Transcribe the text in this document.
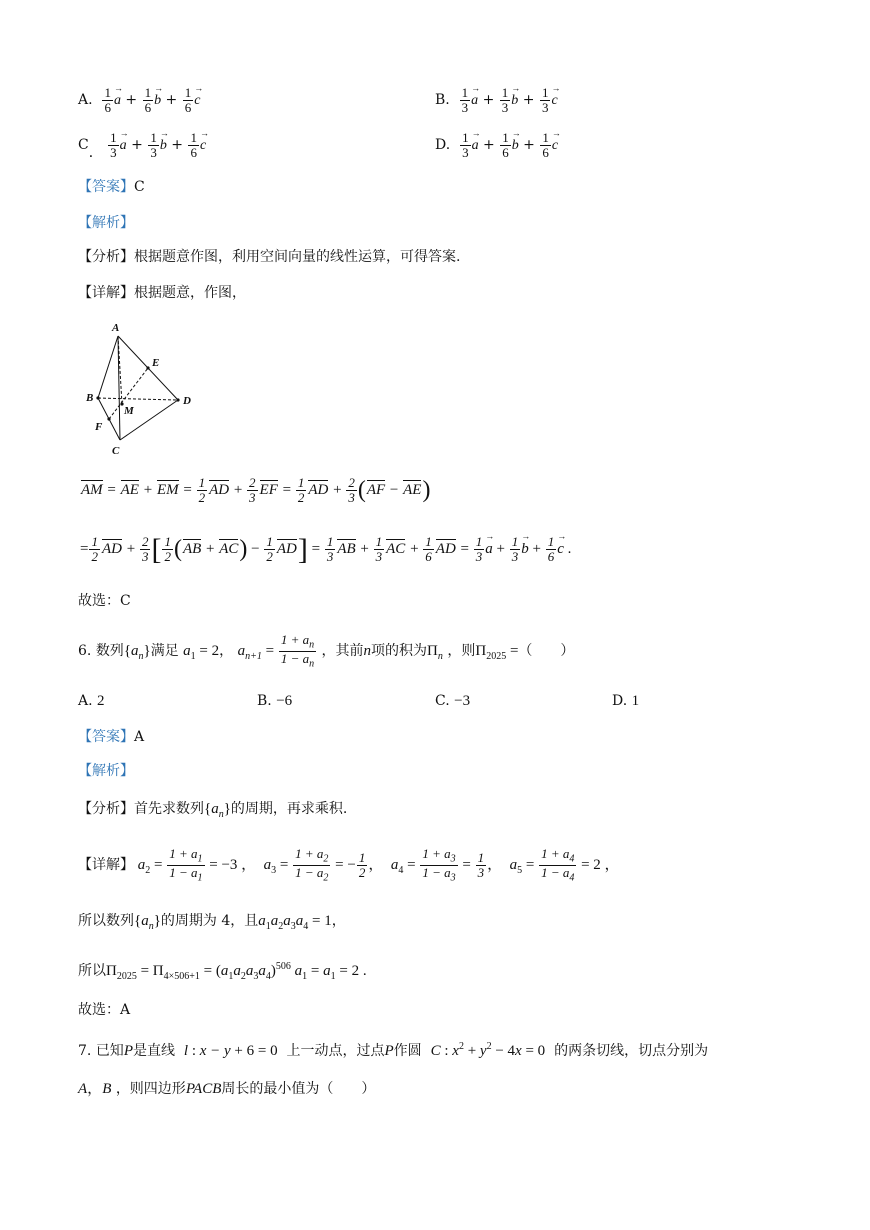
A. $\frac{1}{6}$
→ $a + \frac{1}{6}$
→ $b + \frac{1}{6}$
→ c	B. $\frac{1}{3}$
→ $a + \frac{1}{3}$
→ $b + \frac{1}{3}$
→ c
C． $\frac{1}{3}$
→ $a + \frac{1}{3}$
→ $b + \frac{1}{6}$
→ c	D. $\frac{1}{3}$
→ $a + \frac{1}{6}$
→ $b + \frac{1}{6}$
→ c
【答案】C
【解析】
【分析】根据题意作图，利用空间向量的线性运算，可得答案.
【详解】根据题意，作图，
A
B
C
D
E
F
M
AM = AE + EM = $\frac{1}{2}$ AD + $\frac{2}{3}$ EF = $\frac{1}{2}$ AD + $\frac{2}{3} (AF - AE)$
= $\frac{1}{2}$ AD + $\frac{2}{3}$ [ $\frac{1}{2} (AB + AC) - \frac{1}{2} AD] = \frac{1}{3}$ AB + $\frac{1}{3}$ AC + $\frac{1}{6}$ AD = $\frac{1}{3}$
→ $a + \frac{1}{3}$
→ $b + \frac{1}{6}$
→ c .
故选：C
6. 数列$\{a_n\}$满足 $a_1 = 2$， $a_{n+1} = \frac{1 + a_n}{1 - a_n}$ ，其前n项的积为$\Pi_n$ ，则$\Pi_{2025}$ =（　　）
A. 2	B. −6	C. −3	D. 1
【答案】A
【解析】
【分析】首先求数列$\{a_n\}$的周期，再求乘积.
【详解】 $a_2 = \frac{1 + a_1}{1 - a_1} = -3$ ，  $a_3 = \frac{1 + a_2}{1 - a_2}$ = − $\frac{1}{2}$ ，  $a_4 = \frac{1 + a_3}{1 - a_3} = \frac{1}{3}$ ，  $a_5 = \frac{1 + a_4}{1 - a_4} = 2$ ，
所以数列$\{a_n\}$的周期为 4，且$a_1a_2a_3a_4 = 1$，
所以$\Pi_{2025} = \Pi_{4\times 506+1} = (a_1a_2a_3a_4)^{506}$ $a_1 = a_1 = 2$ .
故选：A
7. 已知P是直线 l : x − y + 6 = 0 上一动点，过点P作圆 C : $x^2 + y^2 - 4x = 0$ 的两条切线，切点分别为
A，B ，则四边形PACB周长的最小值为（　　）
